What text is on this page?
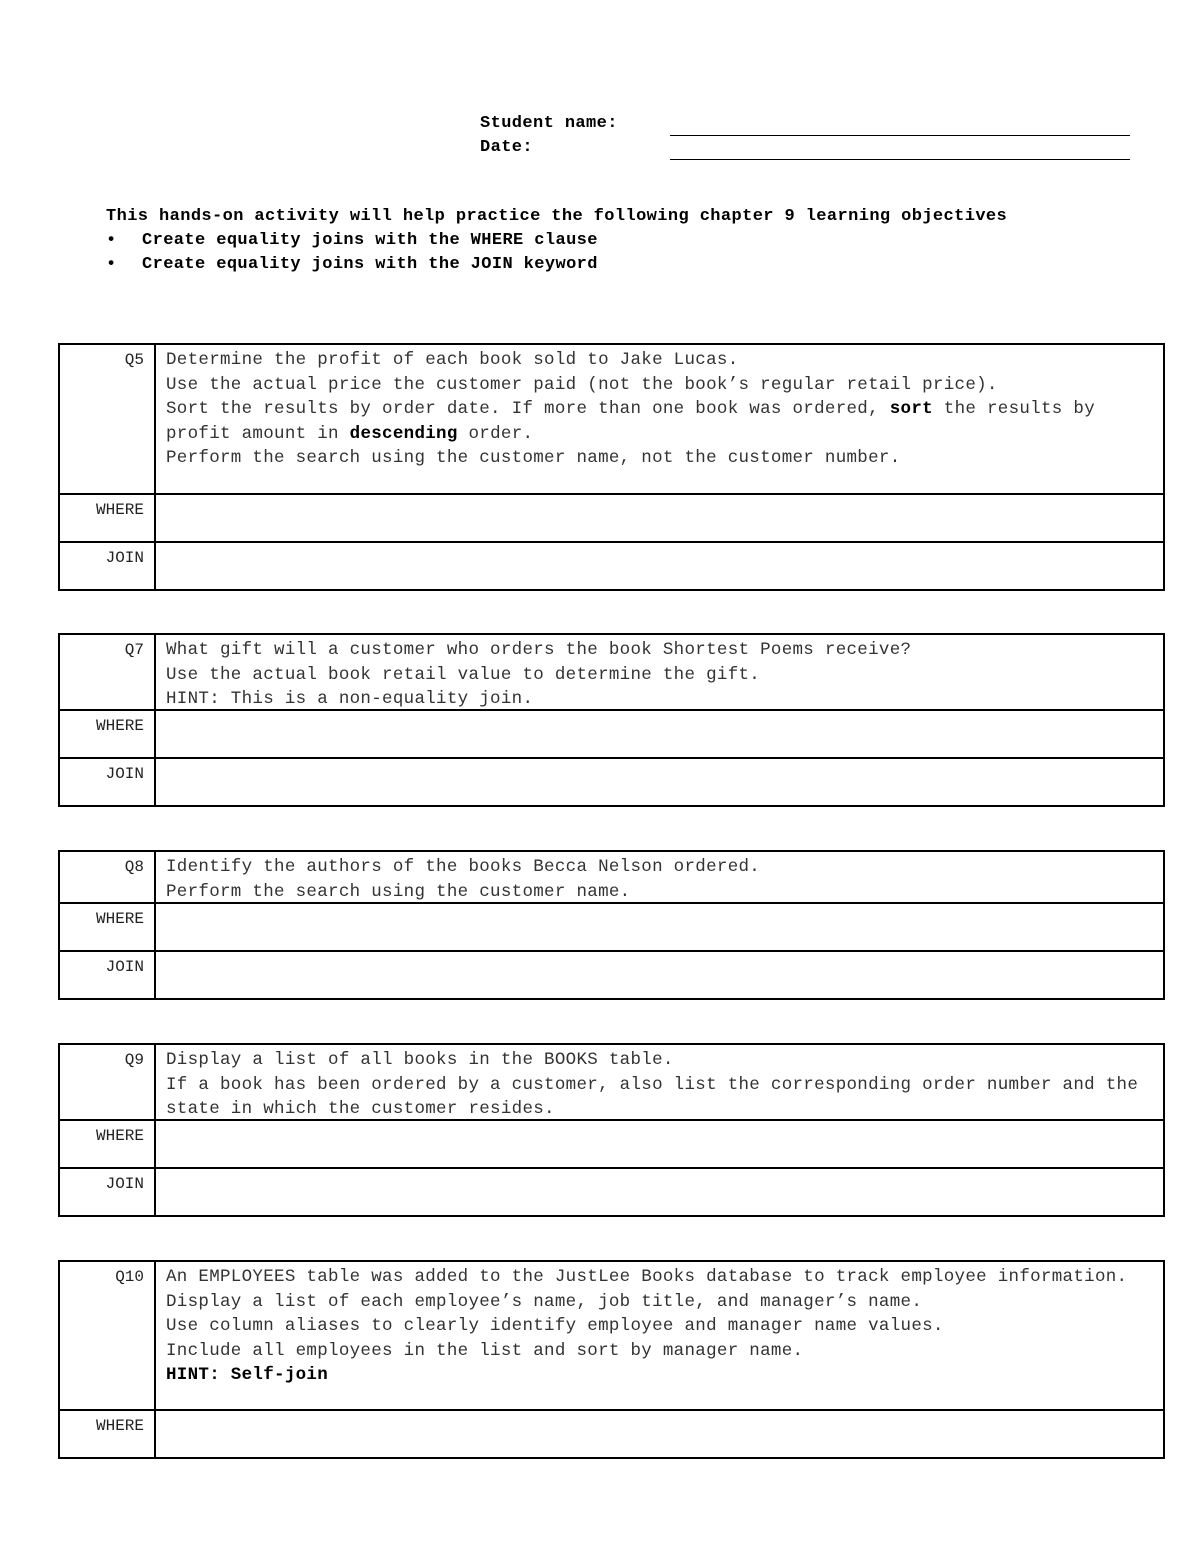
Student name:
Date:
This hands-on activity will help practice the following chapter 9 learning objectives
• Create equality joins with the WHERE clause
• Create equality joins with the JOIN keyword
Q5	Determine the profit of each book sold to Jake Lucas.
Use the actual price the customer paid (not the book’s regular retail price).
Sort the results by order date. If more than one book was ordered, sort the results by profit amount in descending order.
Perform the search using the customer name, not the customer number.
WHERE
JOIN
Q7	What gift will a customer who orders the book Shortest Poems receive?
Use the actual book retail value to determine the gift.
HINT: This is a non-equality join.
WHERE
JOIN
Q8	Identify the authors of the books Becca Nelson ordered.
Perform the search using the customer name.
WHERE
JOIN
Q9	Display a list of all books in the BOOKS table.
If a book has been ordered by a customer, also list the corresponding order number and the state in which the customer resides.
WHERE
JOIN
Q10	An EMPLOYEES table was added to the JustLee Books database to track employee information.
Display a list of each employee’s name, job title, and manager’s name.
Use column aliases to clearly identify employee and manager name values.
Include all employees in the list and sort by manager name.
HINT: Self-join
WHERE
